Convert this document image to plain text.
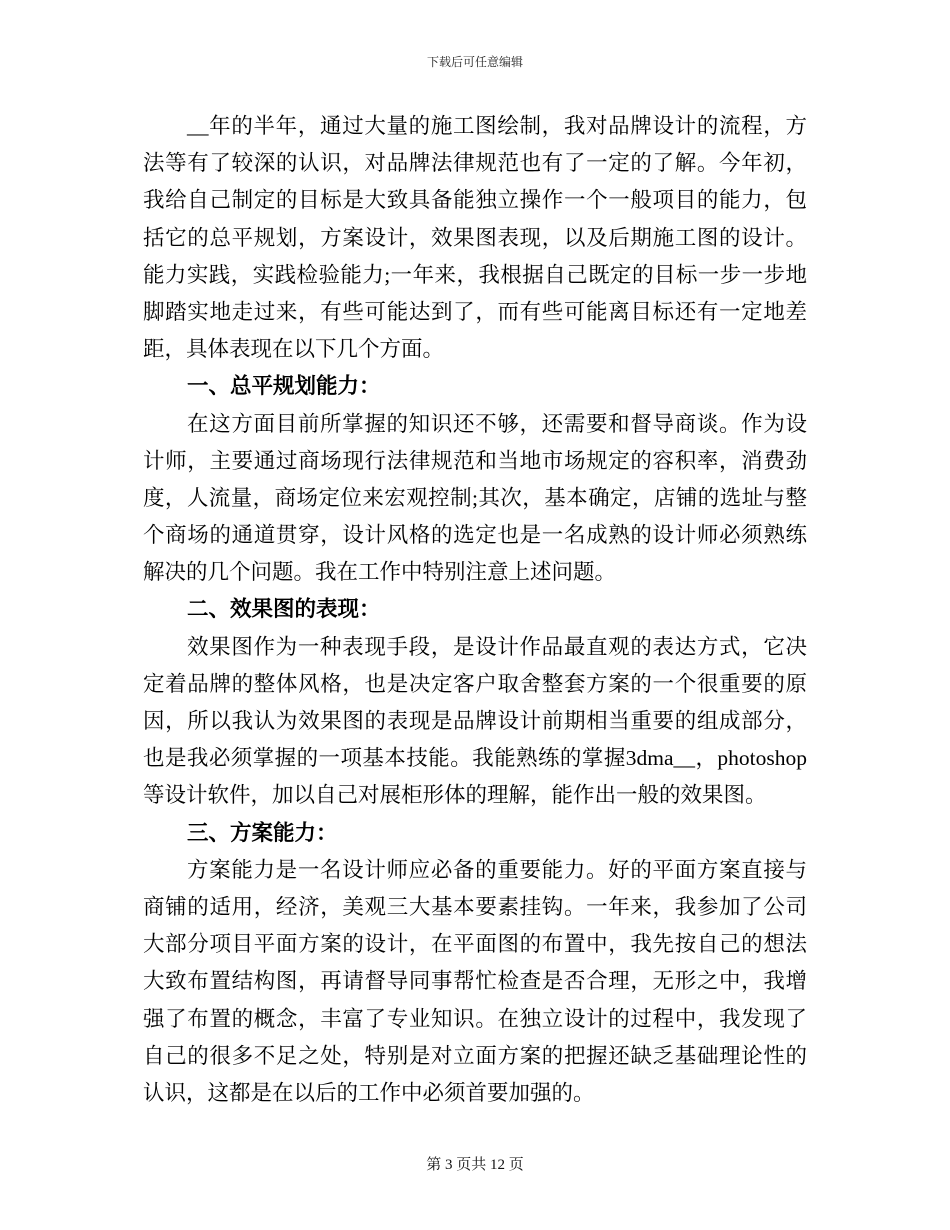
下载后可任意编辑
__年的半年，通过大量的施工图绘制，我对品牌设计的流程，方
法等有了较深的认识，对品牌法律规范也有了一定的了解。今年初，
我给自己制定的目标是大致具备能独立操作一个一般项目的能力，包
括它的总平规划，方案设计，效果图表现，以及后期施工图的设计。
能力实践，实践检验能力;一年来，我根据自己既定的目标一步一步地
脚踏实地走过来，有些可能达到了，而有些可能离目标还有一定地差
距，具体表现在以下几个方面。
一、总平规划能力：
在这方面目前所掌握的知识还不够，还需要和督导商谈。作为设
计师，主要通过商场现行法律规范和当地市场规定的容积率，消费劲
度，人流量，商场定位来宏观控制;其次，基本确定，店铺的选址与整
个商场的通道贯穿，设计风格的选定也是一名成熟的设计师必须熟练
解决的几个问题。我在工作中特别注意上述问题。
二、效果图的表现：
效果图作为一种表现手段，是设计作品最直观的表达方式，它决
定着品牌的整体风格，也是决定客户取舍整套方案的一个很重要的原
因，所以我认为效果图的表现是品牌设计前期相当重要的组成部分，
也是我必须掌握的一项基本技能。我能熟练的掌握3dma__，photoshop
等设计软件，加以自己对展柜形体的理解，能作出一般的效果图。
三、方案能力：
方案能力是一名设计师应必备的重要能力。好的平面方案直接与
商铺的适用，经济，美观三大基本要素挂钩。一年来，我参加了公司
大部分项目平面方案的设计，在平面图的布置中，我先按自己的想法
大致布置结构图，再请督导同事帮忙检查是否合理，无形之中，我增
强了布置的概念，丰富了专业知识。在独立设计的过程中，我发现了
自己的很多不足之处，特别是对立面方案的把握还缺乏基础理论性的
认识，这都是在以后的工作中必须首要加强的。
第 3 页共 12 页
